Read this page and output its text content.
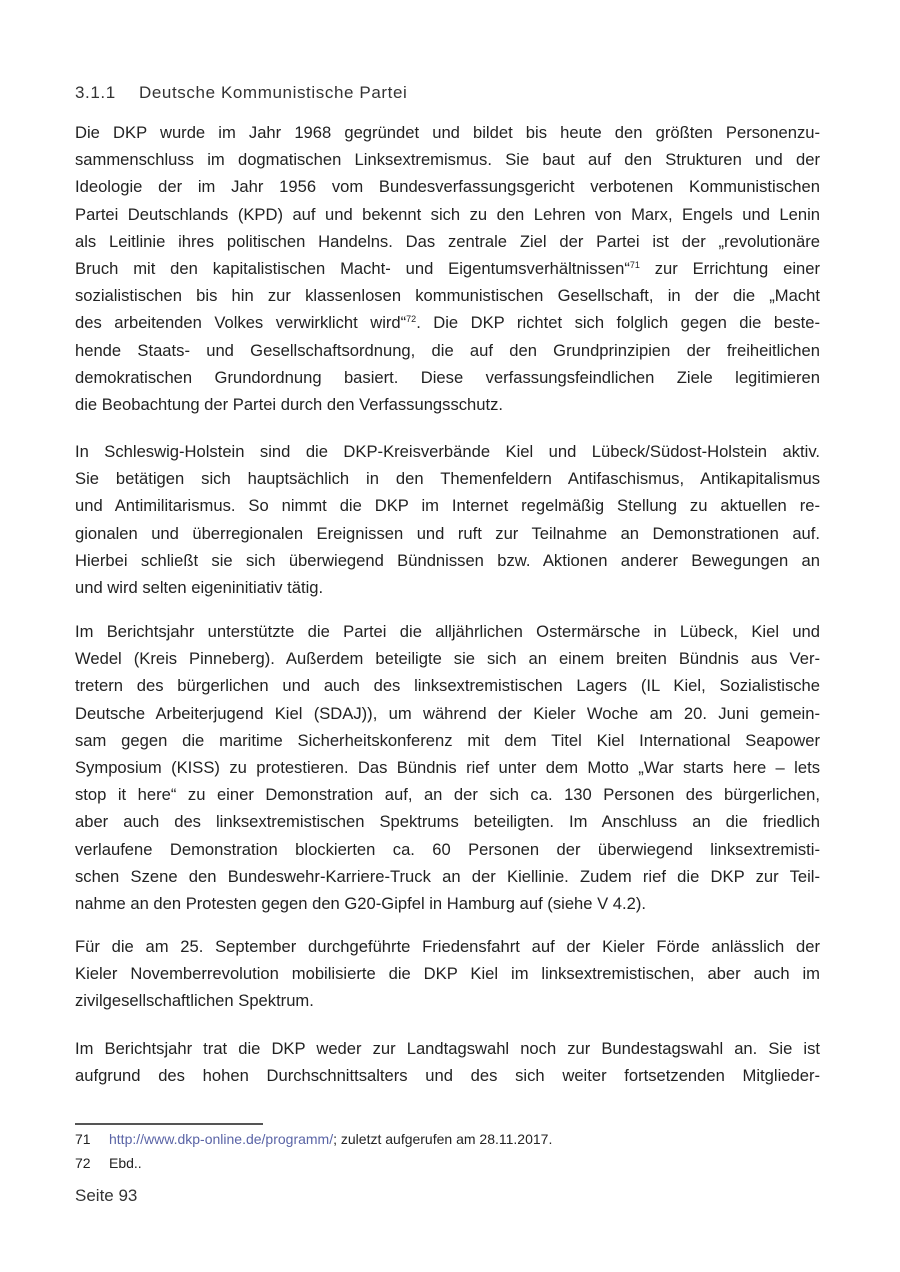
3.1.1 Deutsche Kommunistische Partei
Die DKP wurde im Jahr 1968 gegründet und bildet bis heute den größten Personenzu-
sammenschluss im dogmatischen Linksextremismus. Sie baut auf den Strukturen und der
Ideologie der im Jahr 1956 vom Bundesverfassungsgericht verbotenen Kommunistischen
Partei Deutschlands (KPD) auf und bekennt sich zu den Lehren von Marx, Engels und Lenin
als Leitlinie ihres politischen Handelns. Das zentrale Ziel der Partei ist der „revolutionäre
Bruch mit den kapitalistischen Macht- und Eigentumsverhältnissen“$^{71}$ zur Errichtung einer
sozialistischen bis hin zur klassenlosen kommunistischen Gesellschaft, in der die „Macht
des arbeitenden Volkes verwirklicht wird“$^{72}$. Die DKP richtet sich folglich gegen die beste-
hende Staats- und Gesellschaftsordnung, die auf den Grundprinzipien der freiheitlichen
demokratischen Grundordnung basiert. Diese verfassungsfeindlichen Ziele legitimieren
die Beobachtung der Partei durch den Verfassungsschutz.
In Schleswig-Holstein sind die DKP-Kreisverbände Kiel und Lübeck/Südost-Holstein aktiv.
Sie betätigen sich hauptsächlich in den Themenfeldern Antifaschismus, Antikapitalismus
und Antimilitarismus. So nimmt die DKP im Internet regelmäßig Stellung zu aktuellen re-
gionalen und überregionalen Ereignissen und ruft zur Teilnahme an Demonstrationen auf.
Hierbei schließt sie sich überwiegend Bündnissen bzw. Aktionen anderer Bewegungen an
und wird selten eigeninitiativ tätig.
Im Berichtsjahr unterstützte die Partei die alljährlichen Ostermärsche in Lübeck, Kiel und
Wedel (Kreis Pinneberg). Außerdem beteiligte sie sich an einem breiten Bündnis aus Ver-
tretern des bürgerlichen und auch des linksextremistischen Lagers (IL Kiel, Sozialistische
Deutsche Arbeiterjugend Kiel (SDAJ)), um während der Kieler Woche am 20. Juni gemein-
sam gegen die maritime Sicherheitskonferenz mit dem Titel Kiel International Seapower
Symposium (KISS) zu protestieren. Das Bündnis rief unter dem Motto „War starts here – lets
stop it here“ zu einer Demonstration auf, an der sich ca. 130 Personen des bürgerlichen,
aber auch des linksextremistischen Spektrums beteiligten. Im Anschluss an die friedlich
verlaufene Demonstration blockierten ca. 60 Personen der überwiegend linksextremisti-
schen Szene den Bundeswehr-Karriere-Truck an der Kiellinie. Zudem rief die DKP zur Teil-
nahme an den Protesten gegen den G20-Gipfel in Hamburg auf (siehe V 4.2).
Für die am 25. September durchgeführte Friedensfahrt auf der Kieler Förde anlässlich der
Kieler Novemberrevolution mobilisierte die DKP Kiel im linksextremistischen, aber auch im
zivilgesellschaftlichen Spektrum.
Im Berichtsjahr trat die DKP weder zur Landtagswahl noch zur Bundestagswahl an. Sie ist
aufgrund des hohen Durchschnittsalters und des sich weiter fortsetzenden Mitglieder-
71 http://www.dkp-online.de/programm/; zuletzt aufgerufen am 28.11.2017.
72 Ebd..
Seite 93
